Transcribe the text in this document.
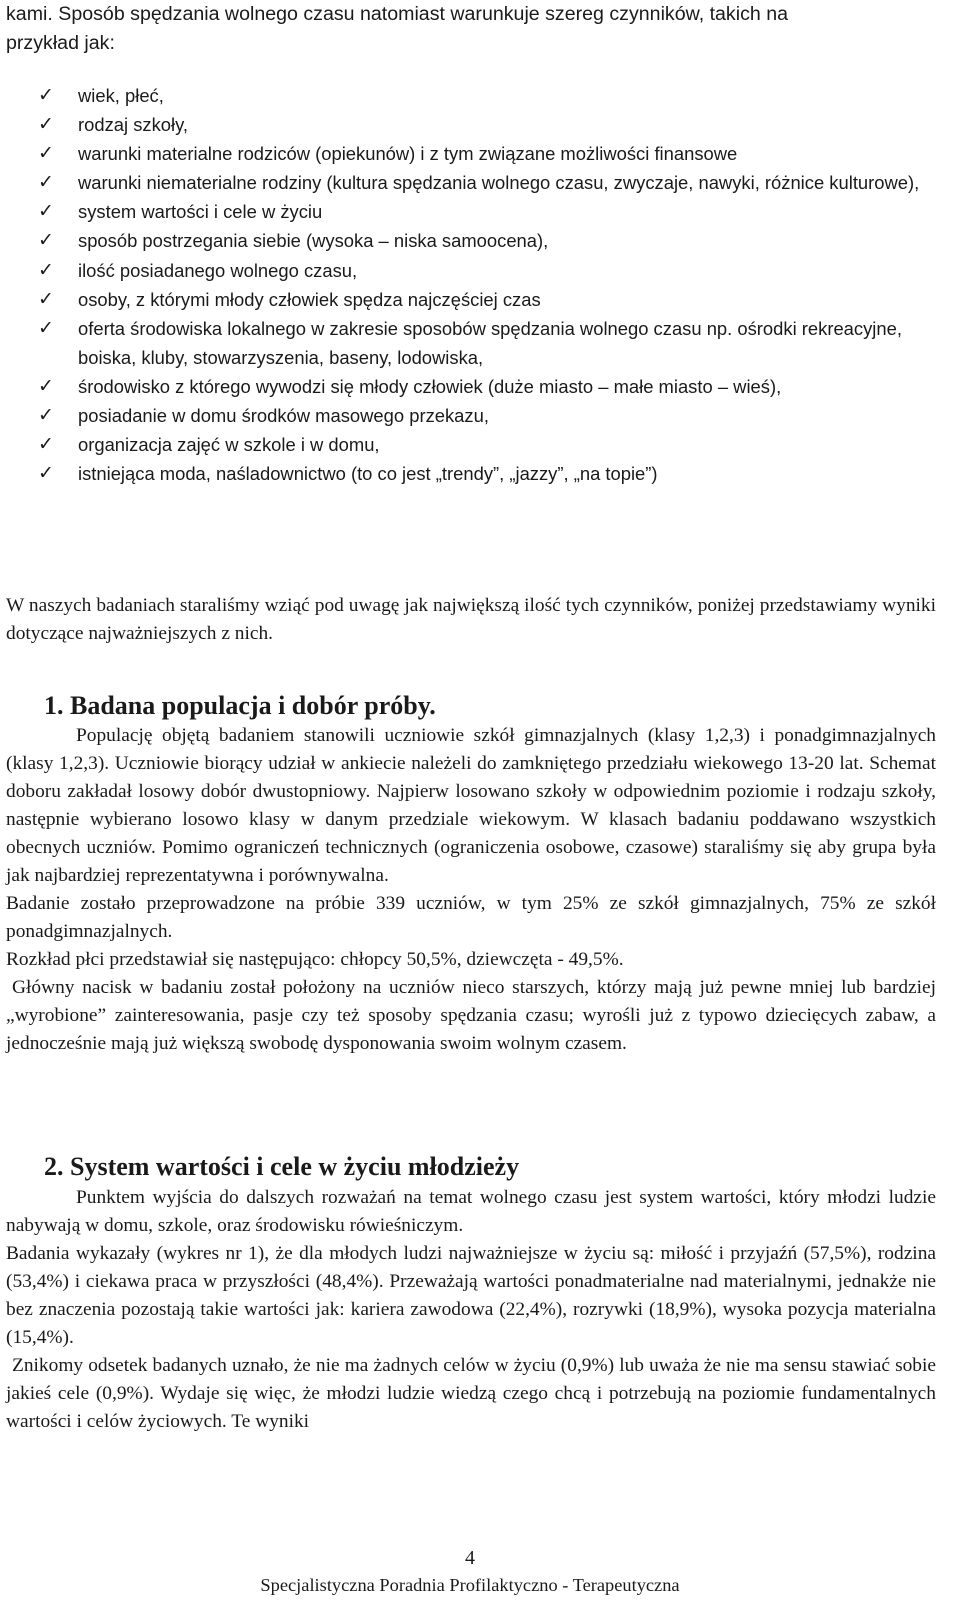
kami. Sposób spędzania wolnego czasu natomiast warunkuje szereg czynników, takich na
przykład jak:
✓ wiek, płeć,
✓ rodzaj szkoły,
✓ warunki materialne rodziców (opiekunów) i z tym związane możliwości finansowe
✓ warunki niematerialne rodziny (kultura spędzania wolnego czasu, zwyczaje, nawyki, różnice kulturowe),
✓ system wartości i cele w życiu
✓ sposób postrzegania siebie (wysoka – niska samoocena),
✓ ilość posiadanego wolnego czasu,
✓ osoby, z którymi młody człowiek spędza najczęściej czas
✓ oferta środowiska lokalnego w zakresie sposobów spędzania wolnego czasu np. ośrodki rekreacyjne, boiska, kluby, stowarzyszenia, baseny, lodowiska,
✓ środowisko z którego wywodzi się młody człowiek (duże miasto – małe miasto – wieś),
✓ posiadanie w domu środków masowego przekazu,
✓ organizacja zajęć w szkole i w domu,
✓ istniejąca moda, naśladownictwo (to co jest „trendy”, „jazzy”, „na topie”)

W naszych badaniach staraliśmy wziąć pod uwagę jak największą ilość tych czynników, poniżej przedstawiamy wyniki dotyczące najważniejszych z nich.

1. Badana populacja i dobór próby.

Populację objętą badaniem stanowili uczniowie szkół gimnazjalnych (klasy 1,2,3) i ponadgimnazjalnych (klasy 1,2,3). Uczniowie biorący udział w ankiecie należeli do zamkniętego przedziału wiekowego 13-20 lat. Schemat doboru zakładał losowy dobór dwustopniowy. Najpierw losowano szkoły w odpowiednim poziomie i rodzaju szkoły, następnie wybierano losowo klasy w danym przedziale wiekowym. W klasach badaniu poddawano wszystkich obecnych uczniów. Pomimo ograniczeń technicznych (ograniczenia osobowe, czasowe) staraliśmy się aby grupa była jak najbardziej reprezentatywna i porównywalna.

Badanie zostało przeprowadzone na próbie 339 uczniów, w tym 25% ze szkół gimnazjalnych, 75% ze szkół ponadgimnazjalnych.

Rozkład płci przedstawiał się następująco: chłopcy 50,5%, dziewczęta - 49,5%.

Główny nacisk w badaniu został położony na uczniów nieco starszych, którzy mają już pewne mniej lub bardziej „wyrobione” zainteresowania, pasje czy też sposoby spędzania czasu; wyrośli już z typowo dziecięcych zabaw, a jednocześnie mają już większą swobodę dysponowania swoim wolnym czasem.

2. System wartości i cele w życiu młodzieży

Punktem wyjścia do dalszych rozważań na temat wolnego czasu jest system wartości, który młodzi ludzie nabywają w domu, szkole, oraz środowisku rówieśniczym.

Badania wykazały (wykres nr 1), że dla młodych ludzi najważniejsze w życiu są: miłość i przyjaźń (57,5%), rodzina (53,4%) i ciekawa praca w przyszłości (48,4%). Przeważają wartości ponadmaterialne nad materialnymi, jednakże nie bez znaczenia pozostają takie wartości jak: kariera zawodowa (22,4%), rozrywki (18,9%), wysoka pozycja materialna (15,4%).

Znikomy odsetek badanych uznało, że nie ma żadnych celów w życiu (0,9%) lub uważa że nie ma sensu stawiać sobie jakieś cele (0,9%). Wydaje się więc, że młodzi ludzie wiedzą czego chcą i potrzebują na poziomie fundamentalnych wartości i celów życiowych. Te wyniki

4
Specjalistyczna Poradnia Profilaktyczno - Terapeutyczna
